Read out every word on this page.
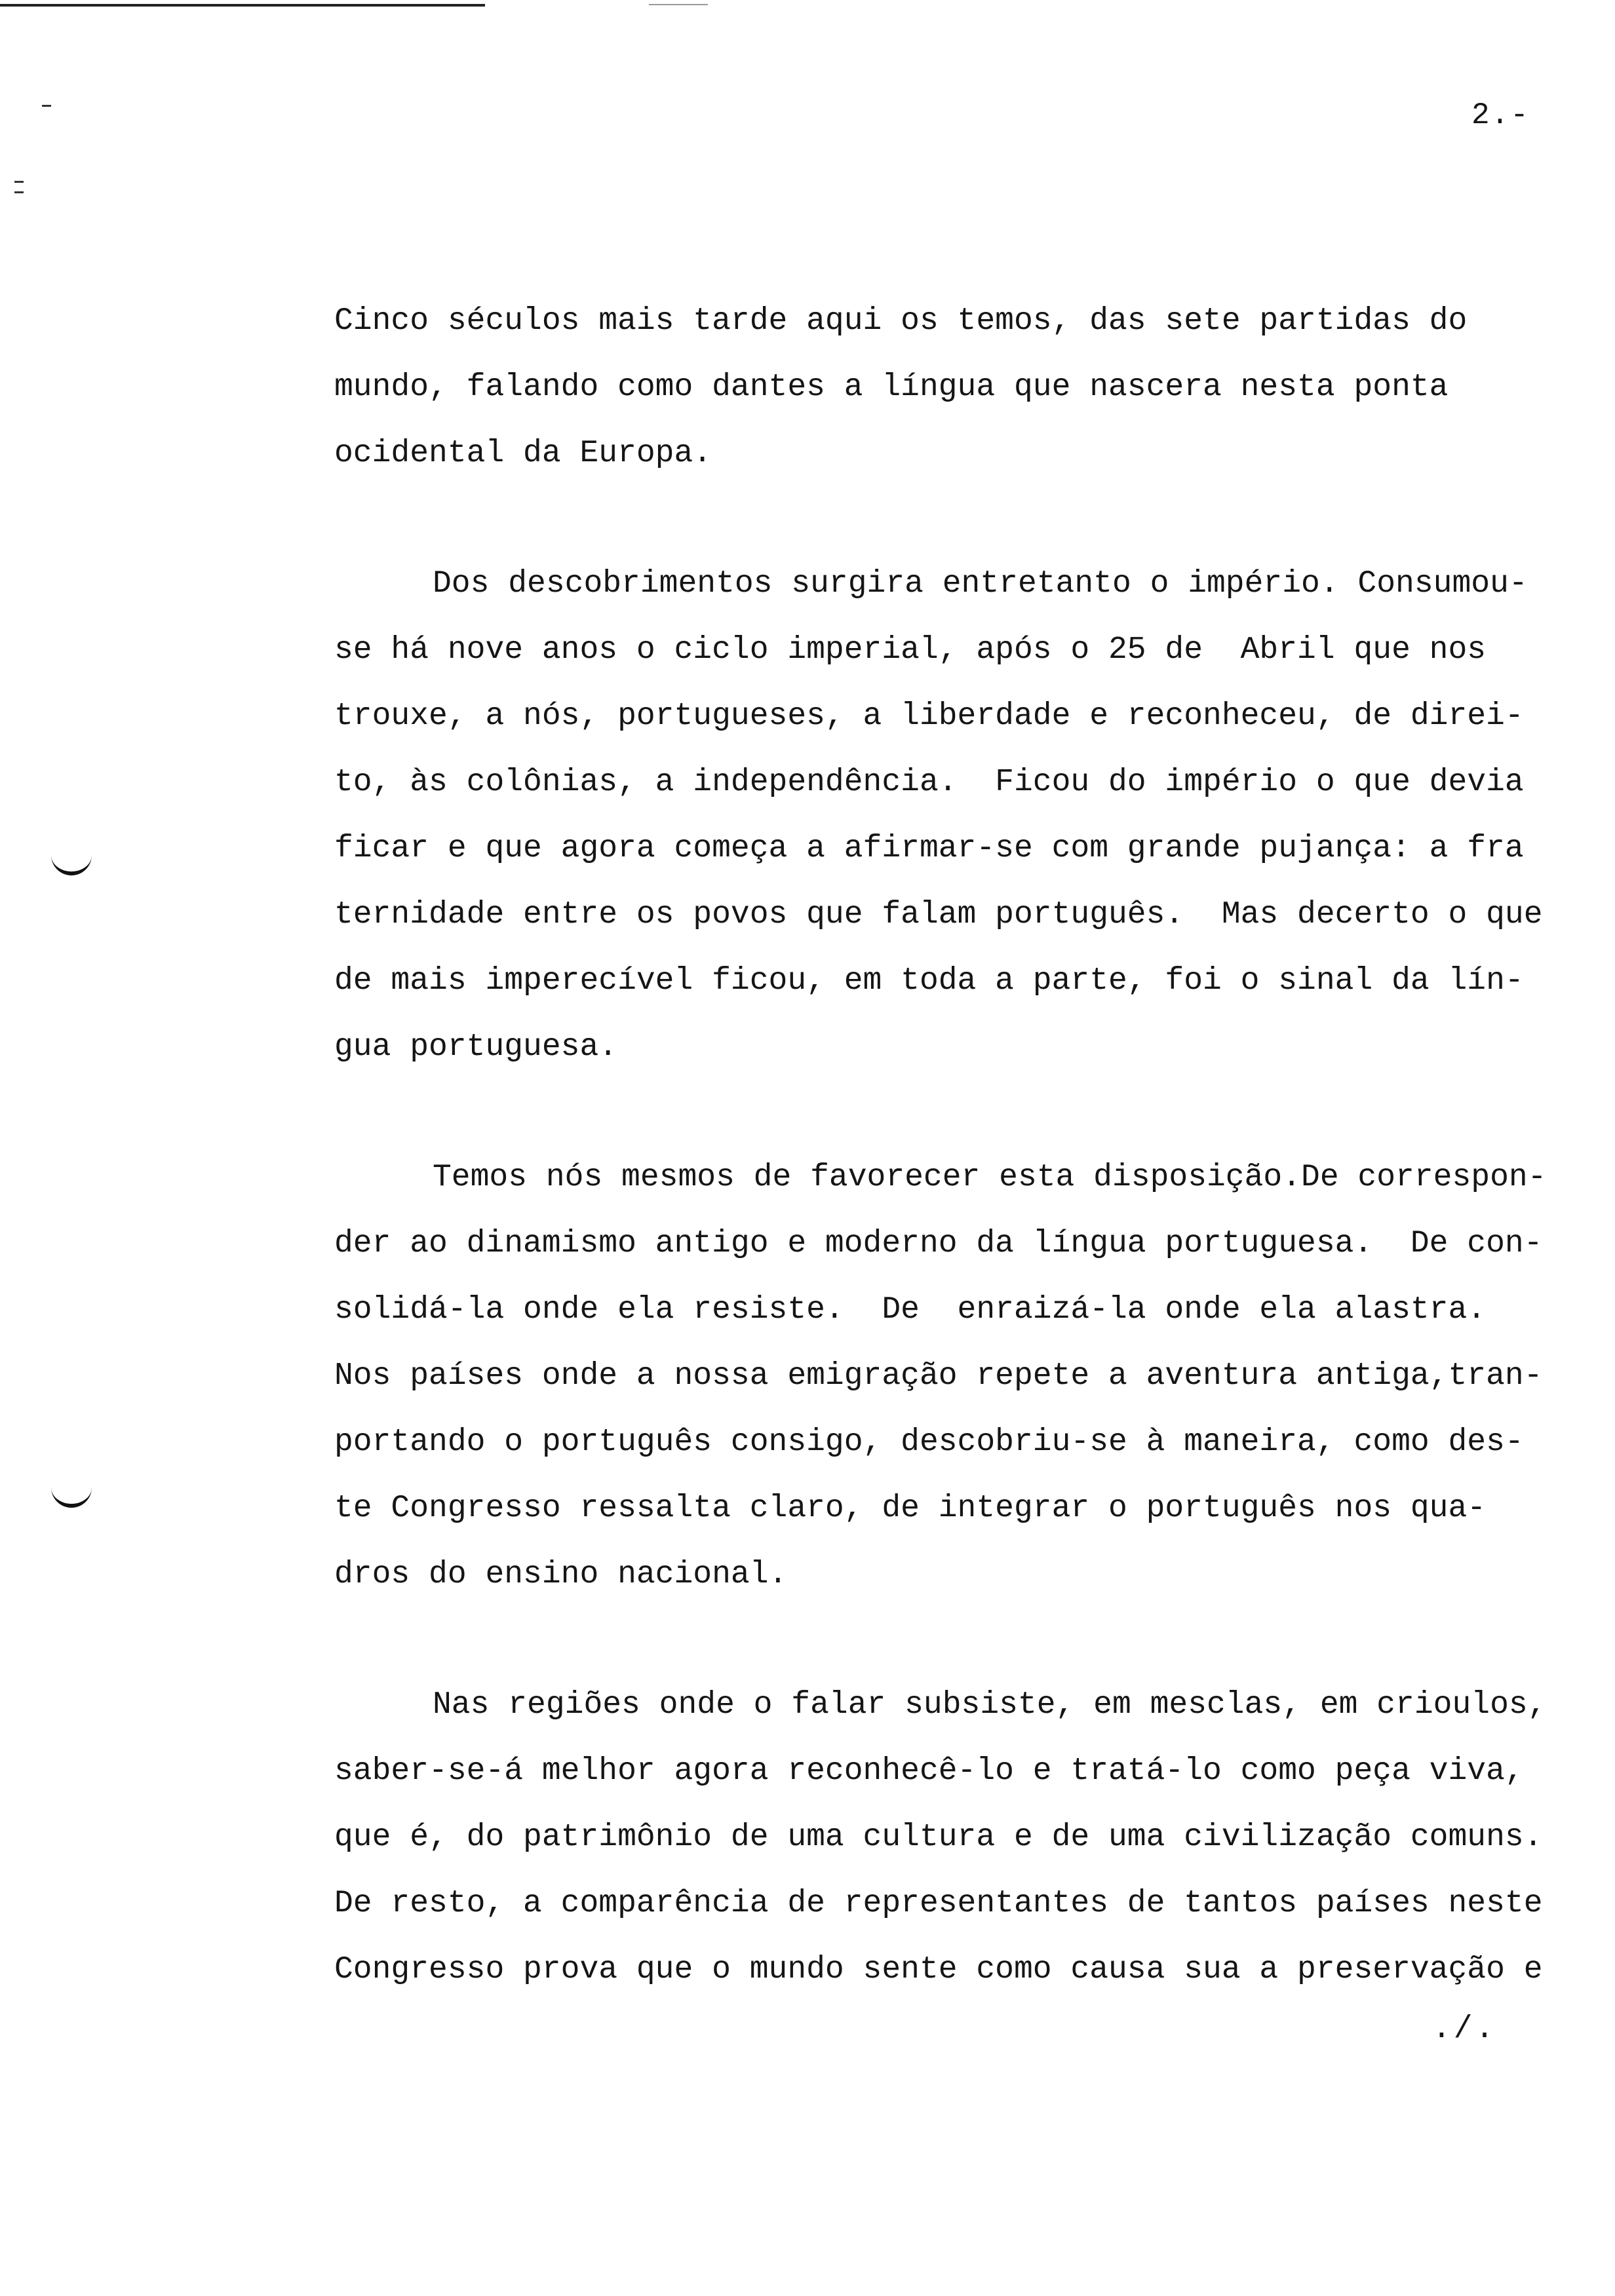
2.-
Cinco séculos mais tarde aqui os temos, das sete partidas do
mundo, falando como dantes a língua que nascera nesta ponta
ocidental da Europa.
Dos descobrimentos surgira entretanto o império. Consumou-
se há nove anos o ciclo imperial, após o 25 de  Abril que nos
trouxe, a nós, portugueses, a liberdade e reconheceu, de direi-
to, às colônias, a independência.  Ficou do império o que devia
ficar e que agora começa a afirmar-se com grande pujança: a fra
ternidade entre os povos que falam português.  Mas decerto o que
de mais imperecível ficou, em toda a parte, foi o sinal da lín-
gua portuguesa.
Temos nós mesmos de favorecer esta disposição.De correspon-
der ao dinamismo antigo e moderno da língua portuguesa.  De con-
solidá-la onde ela resiste.  De  enraizá-la onde ela alastra.
Nos países onde a nossa emigração repete a aventura antiga,tran-
portando o português consigo, descobriu-se à maneira, como des-
te Congresso ressalta claro, de integrar o português nos qua-
dros do ensino nacional.
Nas regiões onde o falar subsiste, em mesclas, em crioulos,
saber-se-á melhor agora reconhecê-lo e tratá-lo como peça viva,
que é, do patrimônio de uma cultura e de uma civilização comuns.
De resto, a comparência de representantes de tantos países neste
Congresso prova que o mundo sente como causa sua a preservação e
./.
